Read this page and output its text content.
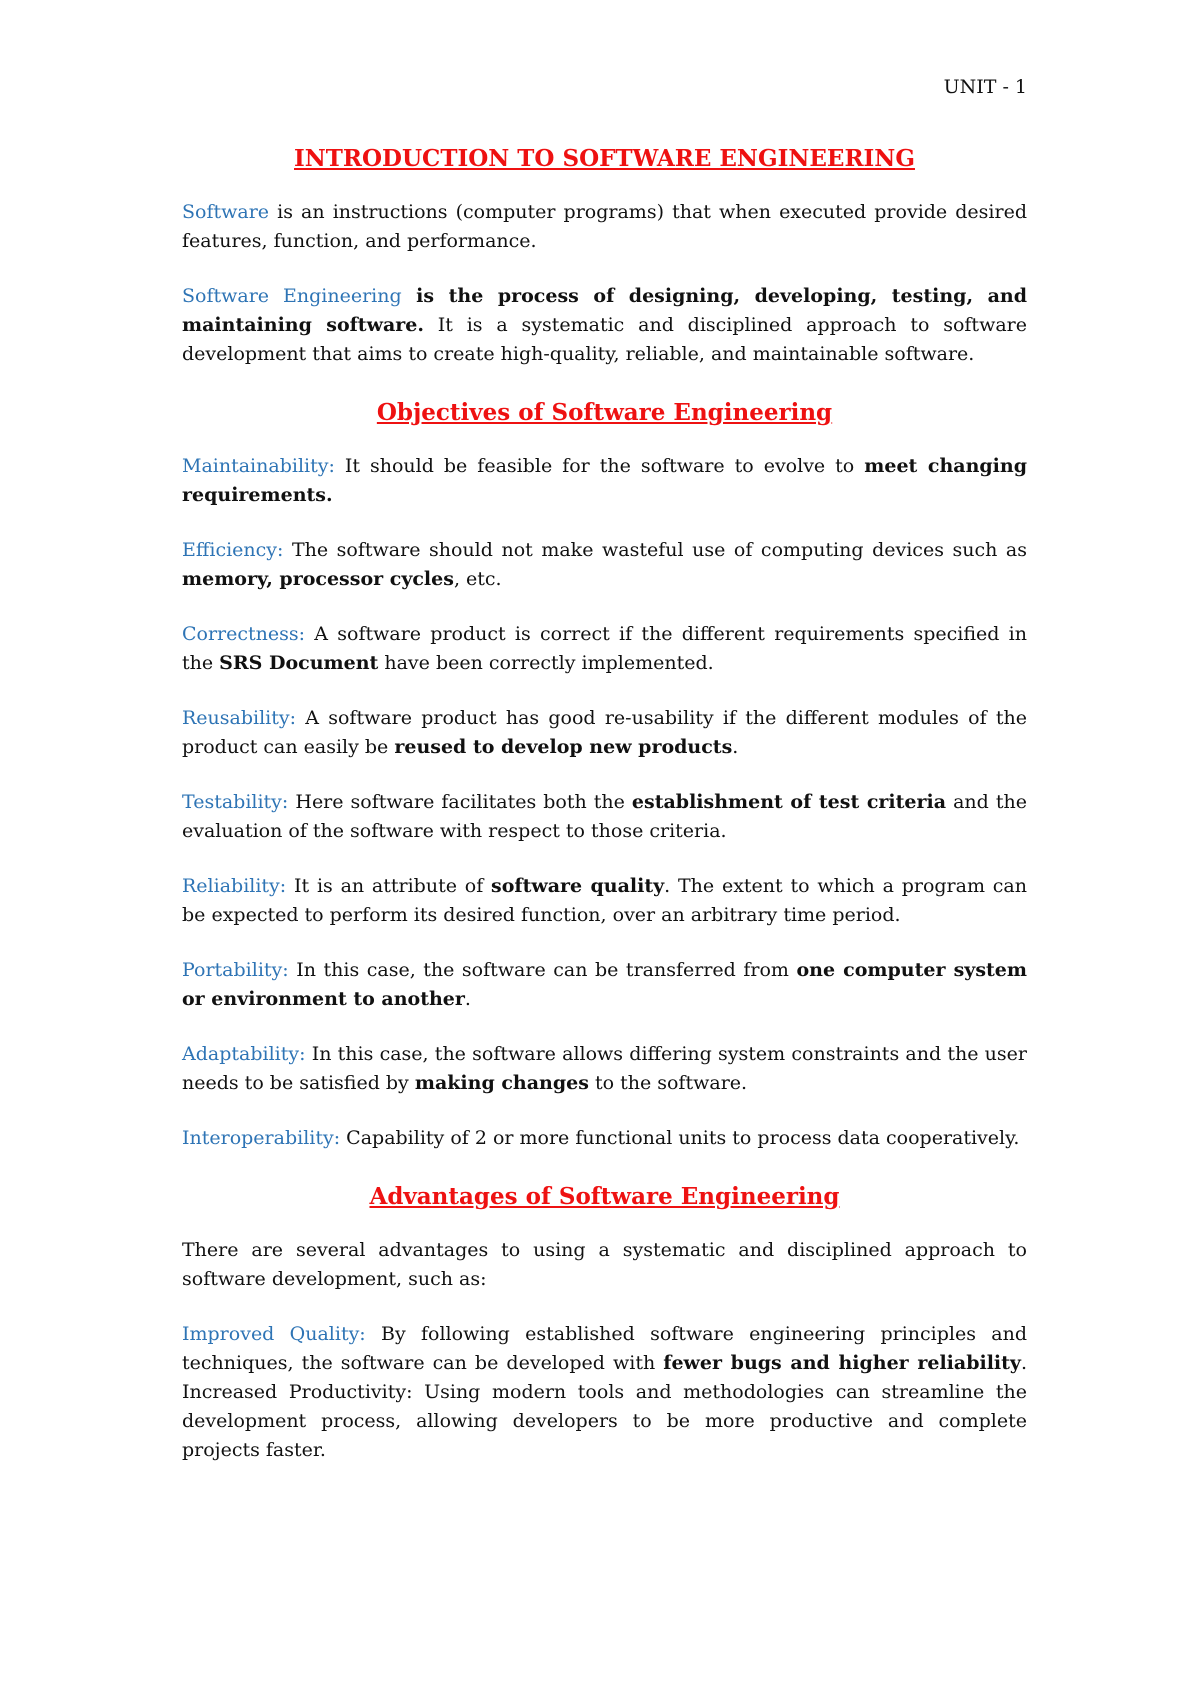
UNIT - 1
INTRODUCTION TO SOFTWARE ENGINEERING

Software is an instructions (computer programs) that when executed provide desired features, function, and performance.

Software Engineering is the process of designing, developing, testing, and maintaining software. It is a systematic and disciplined approach to software development that aims to create high-quality, reliable, and maintainable software.

Objectives of Software Engineering

Maintainability: It should be feasible for the software to evolve to meet changing requirements.

Efficiency: The software should not make wasteful use of computing devices such as memory, processor cycles, etc.

Correctness: A software product is correct if the different requirements specified in the SRS Document have been correctly implemented.

Reusability: A software product has good re-usability if the different modules of the product can easily be reused to develop new products.

Testability: Here software facilitates both the establishment of test criteria and the evaluation of the software with respect to those criteria.

Reliability: It is an attribute of software quality. The extent to which a program can be expected to perform its desired function, over an arbitrary time period.

Portability: In this case, the software can be transferred from one computer system or environment to another.

Adaptability: In this case, the software allows differing system constraints and the user needs to be satisfied by making changes to the software.

Interoperability: Capability of 2 or more functional units to process data cooperatively.

Advantages of Software Engineering

There are several advantages to using a systematic and disciplined approach to software development, such as:

Improved Quality: By following established software engineering principles and techniques, the software can be developed with fewer bugs and higher reliability. Increased Productivity: Using modern tools and methodologies can streamline the development process, allowing developers to be more productive and complete projects faster.
